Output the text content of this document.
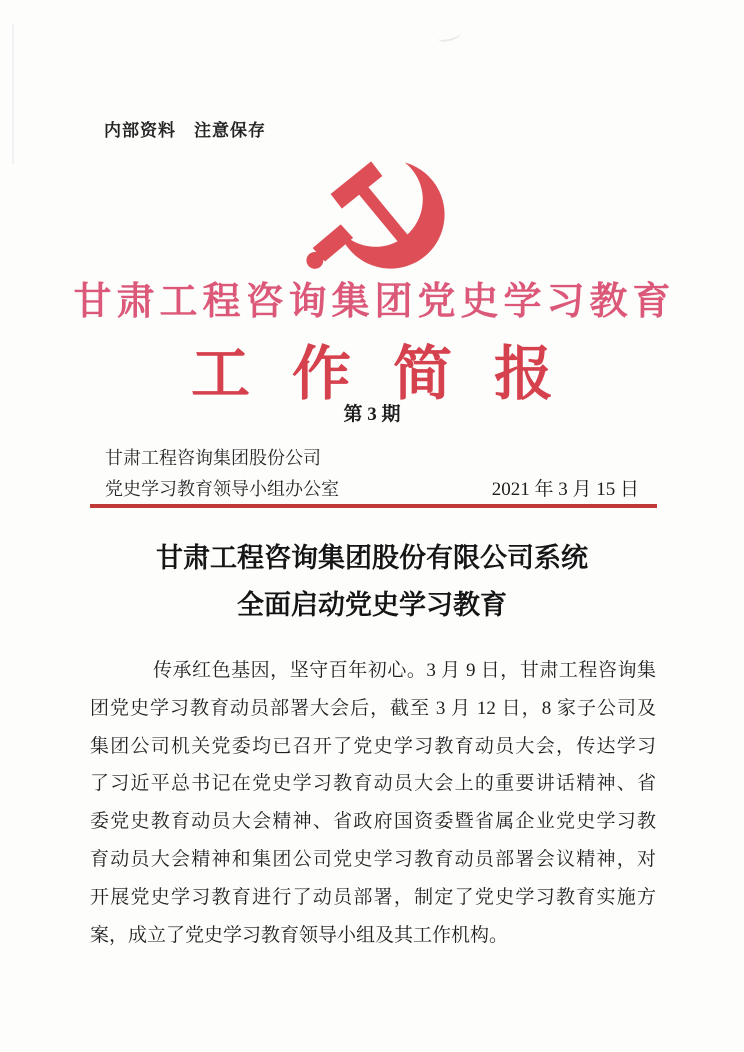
内部资料　注意保存
甘肃工程咨询集团党史学习教育
工作简报
第 3 期
甘肃工程咨询集团股份公司
党史学习教育领导小组办公室	2021 年 3 月 15 日
甘肃工程咨询集团股份有限公司系统
全面启动党史学习教育
传承红色基因，坚守百年初心。3 月 9 日，甘肃工程咨询集
团党史学习教育动员部署大会后，截至 3 月 12 日，8 家子公司及
集团公司机关党委均已召开了党史学习教育动员大会，传达学习
了习近平总书记在党史学习教育动员大会上的重要讲话精神、省
委党史教育动员大会精神、省政府国资委暨省属企业党史学习教
育动员大会精神和集团公司党史学习教育动员部署会议精神，对
开展党史学习教育进行了动员部署，制定了党史学习教育实施方
案，成立了党史学习教育领导小组及其工作机构。
